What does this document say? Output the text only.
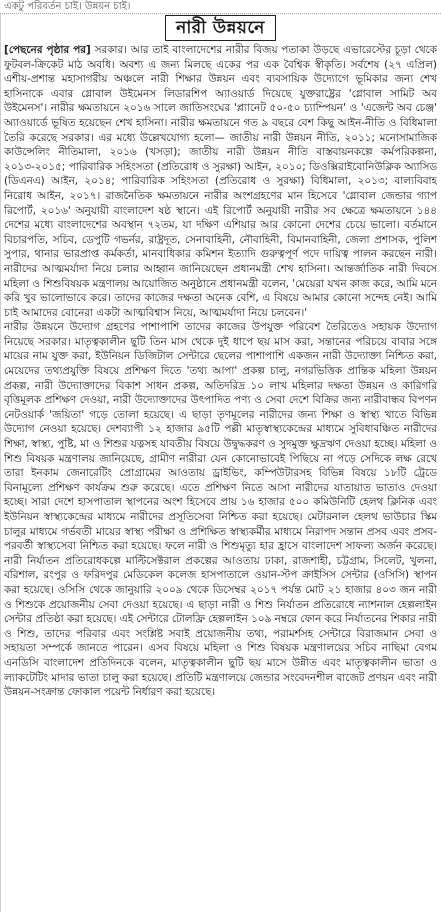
একটু পরিবর্তন চাই। উন্নয়ন চাই।
নারী উন্নয়নে

[পেছনের পৃষ্ঠার পর] সরকার। আর তাই বাংলাদেশের নারীর বিজয় পতাকা উড়ছে এভারেস্টের চূড়া থেকে ফুটবল-ক্রিকেট মাঠ অবধি। অবশ্য এ জন্য মিলছে একের পর এক বৈশ্বিক স্বীকৃতি। সর্বশেষ (২৭ এপ্রিল) এশীয়-প্রশান্ত মহাসাগরীয় অঞ্চলে নারী শিক্ষার উন্নয়ন এবং ব্যবসায়িক উদ্যোগে ভূমিকার জন্য শেখ হাসিনাকে এবার গ্লোবাল উইমেনস লিডারশিপ অ্যাওয়ার্ড দিয়েছে যুক্তরাষ্ট্রের 'গ্লোবাল সামিট অব উইমেনস'। নারীর ক্ষমতায়নে ২০১৬ সালে জাতিসংঘের 'প্ল্যানেট ৫০-৫০ চ্যাম্পিয়ন' ও 'এজেন্ট অব চেঞ্জ' অ্যাওয়ার্ডে ভূষিত হয়েছেন শেখ হাসিনা। নারীর ক্ষমতায়নে গত ৯ বছরে বেশ কিছু আইন-নীতি ও বিধিমালা তৈরি করেছে সরকার। এর মধ্যে উল্লেখযোগ্য হলো— জাতীয় নারী উন্নয়ন নীতি, ২০১১; মনোসামাজিক কাউন্সেলিং নীতিমালা, ২০১৬ (খসড়া); জাতীয় নারী উন্নয়ন নীতি বাস্তবায়নকল্পে কর্মপরিকল্পনা, ২০১৩-২০১৫; পারিবারিক সহিংসতা (প্রতিরোধ ও সুরক্ষা) আইন, ২০১০; ডিওক্সিরাইবোনিউক্লিক অ্যাসিড (ডিএনএ) আইন, ২০১৪; পারিবারিক সহিংসতা (প্রতিরোধ ও সুরক্ষা) বিধিমালা, ২০১৩; বাল্যবিবাহ নিরোধ আইন, ২০১৭। রাজনৈতিক ক্ষমতায়নে নারীর অংশগ্রহণের মান হিসেবে 'গ্লোবাল জেন্ডার গ্যাপ রিপোর্ট, ২০১৬' অনুযায়ী বাংলাদেশ ষষ্ঠ স্থানে। এই রিপোর্ট অনুযায়ী নারীর সব ক্ষেত্রে ক্ষমতায়নে ১৪৪ দেশের মধ্যে বাংলাদেশের অবস্থান ৭২তম, যা দক্ষিণ এশিয়ার আর কোনো দেশের চেয়ে ভালো। বর্তমানে বিচারপতি, সচিব, ডেপুটি গভর্নর, রাষ্ট্রদূত, সেনাবাহিনী, নৌবাহিনী, বিমানবাহিনী, জেলা প্রশাসক, পুলিশ সুপার, থানার ভারপ্রাপ্ত কর্মকর্তা, মানবাধিকার কমিশন ইত্যাদি গুরুত্বপূর্ণ পদে দায়িত্ব পালন করছেন নারী। নারীদের আত্মমর্যাদা নিয়ে চলার আহ্বান জানিয়েছেন প্রধানমন্ত্রী শেখ হাসিনা। আন্তর্জাতিক নারী দিবসে মহিলা ও শিশুবিষয়ক মন্ত্রণালয় আয়োজিত অনুষ্ঠানে প্রধানমন্ত্রী বলেন, 'মেয়েরা যখন কাজ করে, আমি মনে করি খুব ভালোভাবে করে। তাদের কাজের দক্ষতা অনেক বেশি, এ বিষয়ে আমার কোনো সন্দেহ নেই। আমি চাই আমাদের বোনেরা একটা আত্মবিশ্বাস নিয়ে, আত্মমর্যাদা নিয়ে চলবেন।'

নারীর উন্নয়নে উদ্যোগ গ্রহণের পাশাপাশি তাদের কাজের উপযুক্ত পরিবেশ তৈরিতেও সহায়ক উদ্যোগ নিয়েছে সরকার। মাতৃত্বকালীন ছুটি তিন মাস থেকে দুই ধাপে ছয় মাস করা, সন্তানের পরিচয়ে বাবার সঙ্গে মায়ের নাম যুক্ত করা, ইউনিয়ন ডিজিটাল সেন্টারে ছেলের পাশাপাশি একজন নারী উদ্যোক্তা নিশ্চিত করা, মেয়েদের তথ্যপ্রযুক্তি বিষয়ে প্রশিক্ষণ দিতে 'তথ্য আপা' প্রকল্প চালু, নগরভিত্তিক প্রান্তিক মহিলা উন্নয়ন প্রকল্প, নারী উদ্যোক্তাদের বিকাশ সাধন প্রকল্প, অতিদরিদ্র ১০ লাখ মহিলার দক্ষতা উন্নয়ন ও কারিগরি বৃত্তিমূলক প্রশিক্ষণ দেওয়া, নারী উদ্যোক্তাদের উৎপাদিত পণ্য ও সেবা দেশে বিক্রির জন্য নারীবান্ধব বিপণন নেটওয়ার্ক 'জয়িতা' গড়ে তোলা হয়েছে। এ ছাড়া তৃণমূলের নারীদের জন্য শিক্ষা ও স্বাস্থ্য খাতে বিভিন্ন উদ্যোগ নেওয়া হয়েছে। দেশব্যাপী ১২ হাজার ৯৫টি পল্লী মাতৃস্বাস্থ্যকেন্দ্রের মাধ্যমে সুবিধাবঞ্চিত নারীদের শিক্ষা, স্বাস্থ্য, পুষ্টি, মা ও শিশুর যত্নসহ যাবতীয় বিষয়ে উদ্বুদ্ধকরণ ও সুদমুক্ত ক্ষুদ্রঋণ দেওয়া হচ্ছে। মহিলা ও শিশু বিষয়ক মন্ত্রণালয় জানিয়েছে, গ্রামীণ নারীরা যেন কোনোভাবেই পিছিয়ে না পড়ে সেদিকে লক্ষ রেখে তারা ইনকাম জেনারেটিং প্রোগ্রামের আওতায় ড্রাইভিং, কম্পিউটারসহ বিভিন্ন বিষয়ে ১৮টি ট্রেডে বিনামূল্যে প্রশিক্ষণ কার্যক্রম শুরু করেছে। এতে প্রশিক্ষণ নিতে আসা নারীদের যাতায়াত ভাতাও দেওয়া হচ্ছে। সারা দেশে হাসপাতাল স্থাপনের অংশ হিসেবে প্রায় ১৬ হাজার ৫০০ কমিউনিটি হেলথ ক্লিনিক এবং ইউনিয়ন স্বাস্থ্যকেন্দ্রের মাধ্যমে নারীদের প্রসূতিসেবা নিশ্চিত করা হয়েছে। মেটারনাল হেলথ ভাউচার স্কিম চালুর মাধ্যমে গর্ভবতী মায়ের স্বাস্থ্য পরীক্ষা ও প্রশিক্ষিত স্বাস্থ্যকর্মীর মাধ্যমে নিরাপদ সন্তান প্রসব এবং প্রসব-পরবর্তী স্বাস্থ্যসেবা নিশ্চিত করা হয়েছে। ফলে নারী ও শিশুমৃত্যু হার হ্রাসে বাংলাদেশ সাফল্য অর্জন করেছে। নারী নির্যাতন প্রতিরোধকল্পে মাল্টিসেক্টরাল প্রকল্পের আওতায় ঢাকা, রাজশাহী, চট্টগ্রাম, সিলেট, খুলনা, বরিশাল, রংপুর ও ফরিদপুর মেডিকেল কলেজ হাসপাতালে ওয়ান-স্টপ ক্রাইসিস সেন্টার (ওসিসি) স্থাপন করা হয়েছে। ওসিসি থেকে জানুয়ারি ২০০৯ থেকে ডিসেম্বর ২০১৭ পর্যন্ত মোট ২১ হাজার ৪০৩ জন নারী ও শিশুকে প্রয়োজনীয় সেবা দেওয়া হয়েছে। এ ছাড়া নারী ও শিশু নির্যাতন প্রতিরোধে ন্যাশনাল হেল্পলাইন সেন্টার প্রতিষ্ঠা করা হয়েছে। এই সেন্টারে টোলফ্রি হেল্পলাইন ১০৯ নম্বরে ফোন করে নির্যাতনের শিকার নারী ও শিশু, তাদের পরিবার এবং সংশ্লিষ্ট সবাই প্রয়োজনীয় তথ্য, পরামর্শসহ সেন্টারে বিরাজমান সেবা ও সহায়তা সম্পর্কে জানতে পারেন। এসব বিষয়ে মহিলা ও শিশু বিষয়ক মন্ত্রণালয়ের সচিব নাছিমা বেগম এনডিসি বাংলাদেশ প্রতিদিনকে বলেন, মাতৃত্বকালীন ছুটি ছয় মাসে উন্নীত এবং মাতৃত্বকালীন ভাতা ও ল্যাকটেটিং মাদার ভাতা চালু করা হয়েছে। প্রতিটি মন্ত্রণালয়ে জেন্ডার সংবেদনশীল বাজেট প্রণয়ন এবং নারী উন্নয়ন-সংক্রান্ত ফোকাল পয়েন্ট নির্ধারণ করা হয়েছে।
